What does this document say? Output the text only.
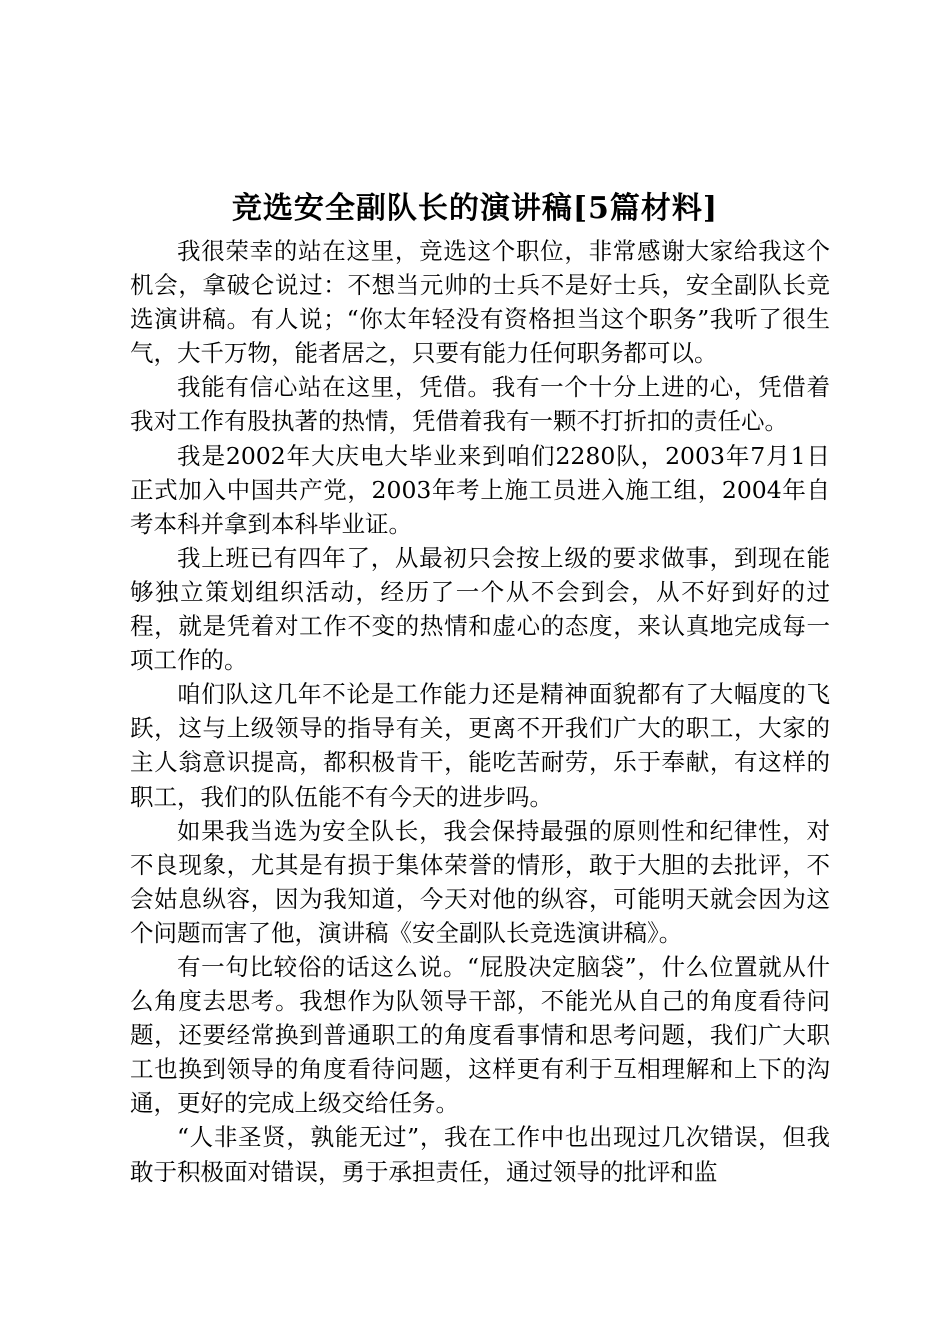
竞选安全副队长的演讲稿[5篇材料]

我很荣幸的站在这里，竞选这个职位，非常感谢大家给我这个机会，拿破仑说过：不想当元帅的士兵不是好士兵，安全副队长竞选演讲稿。有人说；“你太年轻没有资格担当这个职务”我听了很生气，大千万物，能者居之，只要有能力任何职务都可以。

我能有信心站在这里，凭借。我有一个十分上进的心，凭借着我对工作有股执著的热情，凭借着我有一颗不打折扣的责任心。

我是2002年大庆电大毕业来到咱们2280队，2003年7月1日正式加入中国共产党，2003年考上施工员进入施工组，2004年自考本科并拿到本科毕业证。

我上班已有四年了，从最初只会按上级的要求做事，到现在能够独立策划组织活动，经历了一个从不会到会，从不好到好的过程，就是凭着对工作不变的热情和虚心的态度，来认真地完成每一项工作的。

咱们队这几年不论是工作能力还是精神面貌都有了大幅度的飞跃，这与上级领导的指导有关，更离不开我们广大的职工，大家的主人翁意识提高，都积极肯干，能吃苦耐劳，乐于奉献，有这样的职工，我们的队伍能不有今天的进步吗。

如果我当选为安全队长，我会保持最强的原则性和纪律性，对不良现象，尤其是有损于集体荣誉的情形，敢于大胆的去批评，不会姑息纵容，因为我知道，今天对他的纵容，可能明天就会因为这个问题而害了他，演讲稿《安全副队长竞选演讲稿》。

有一句比较俗的话这么说。“屁股决定脑袋”，什么位置就从什么角度去思考。我想作为队领导干部，不能光从自己的角度看待问题，还要经常换到普通职工的角度看事情和思考问题，我们广大职工也换到领导的角度看待问题，这样更有利于互相理解和上下的沟通，更好的完成上级交给任务。

“人非圣贤，孰能无过”，我在工作中也出现过几次错误，但我敢于积极面对错误，勇于承担责任，通过领导的批评和监
